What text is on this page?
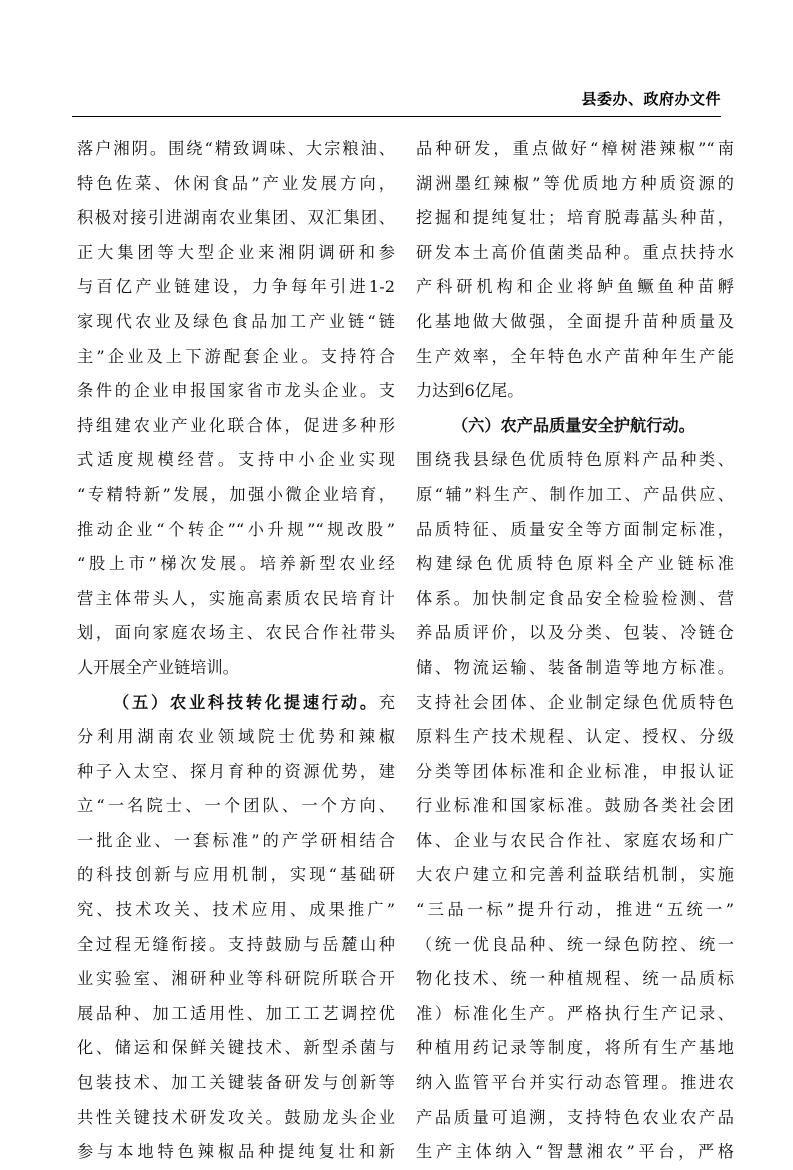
县委办、政府办文件
落户湘阴。围绕“精致调味、大宗粮油、
特色佐菜、休闲食品”产业发展方向，
积极对接引进湖南农业集团、双汇集团、
正大集团等大型企业来湘阴调研和参
与百亿产业链建设，力争每年引进1-2
家现代农业及绿色食品加工产业链“链
主”企业及上下游配套企业。支持符合
条件的企业申报国家省市龙头企业。支
持组建农业产业化联合体，促进多种形
式适度规模经营。支持中小企业实现
“专精特新”发展，加强小微企业培育，
推动企业“个转企”“小升规”“规改股”
“股上市”梯次发展。培养新型农业经
营主体带头人，实施高素质农民培育计
划，面向家庭农场主、农民合作社带头
人开展全产业链培训。
（五）农业科技转化提速行动。充
分利用湖南农业领域院士优势和辣椒
种子入太空、探月育种的资源优势，建
立“一名院士、一个团队、一个方向、
一批企业、一套标准”的产学研相结合
的科技创新与应用机制，实现“基础研
究、技术攻关、技术应用、成果推广”
全过程无缝衔接。支持鼓励与岳麓山种
业实验室、湘研种业等科研院所联合开
展品种、加工适用性、加工工艺调控优
化、储运和保鲜关键技术、新型杀菌与
包装技术、加工关键装备研发与创新等
共性关键技术研发攻关。鼓励龙头企业
参与本地特色辣椒品种提纯复壮和新
品种研发，重点做好“樟树港辣椒”“南
湖洲墨红辣椒”等优质地方种质资源的
挖掘和提纯复壮；培育脱毒蕌头种苗，
研发本土高价值菌类品种。重点扶持水
产科研机构和企业将鲈鱼鳜鱼种苗孵
化基地做大做强，全面提升苗种质量及
生产效率，全年特色水产苗种年生产能
力达到6亿尾。
（六）农产品质量安全护航行动。
围绕我县绿色优质特色原料产品种类、
原“辅”料生产、制作加工、产品供应、
品质特征、质量安全等方面制定标准，
构建绿色优质特色原料全产业链标准
体系。加快制定食品安全检验检测、营
养品质评价，以及分类、包装、冷链仓
储、物流运输、装备制造等地方标准。
支持社会团体、企业制定绿色优质特色
原料生产技术规程、认定、授权、分级
分类等团体标准和企业标准，申报认证
行业标准和国家标准。鼓励各类社会团
体、企业与农民合作社、家庭农场和广
大农户建立和完善利益联结机制，实施
“三品一标”提升行动，推进“五统一”
（统一优良品种、统一绿色防控、统一
物化技术、统一种植规程、统一品质标
准）标准化生产。严格执行生产记录、
种植用药记录等制度，将所有生产基地
纳入监管平台并实行动态管理。推进农
产品质量可追溯，支持特色农业农产品
生产主体纳入“智慧湘农”平台，严格
